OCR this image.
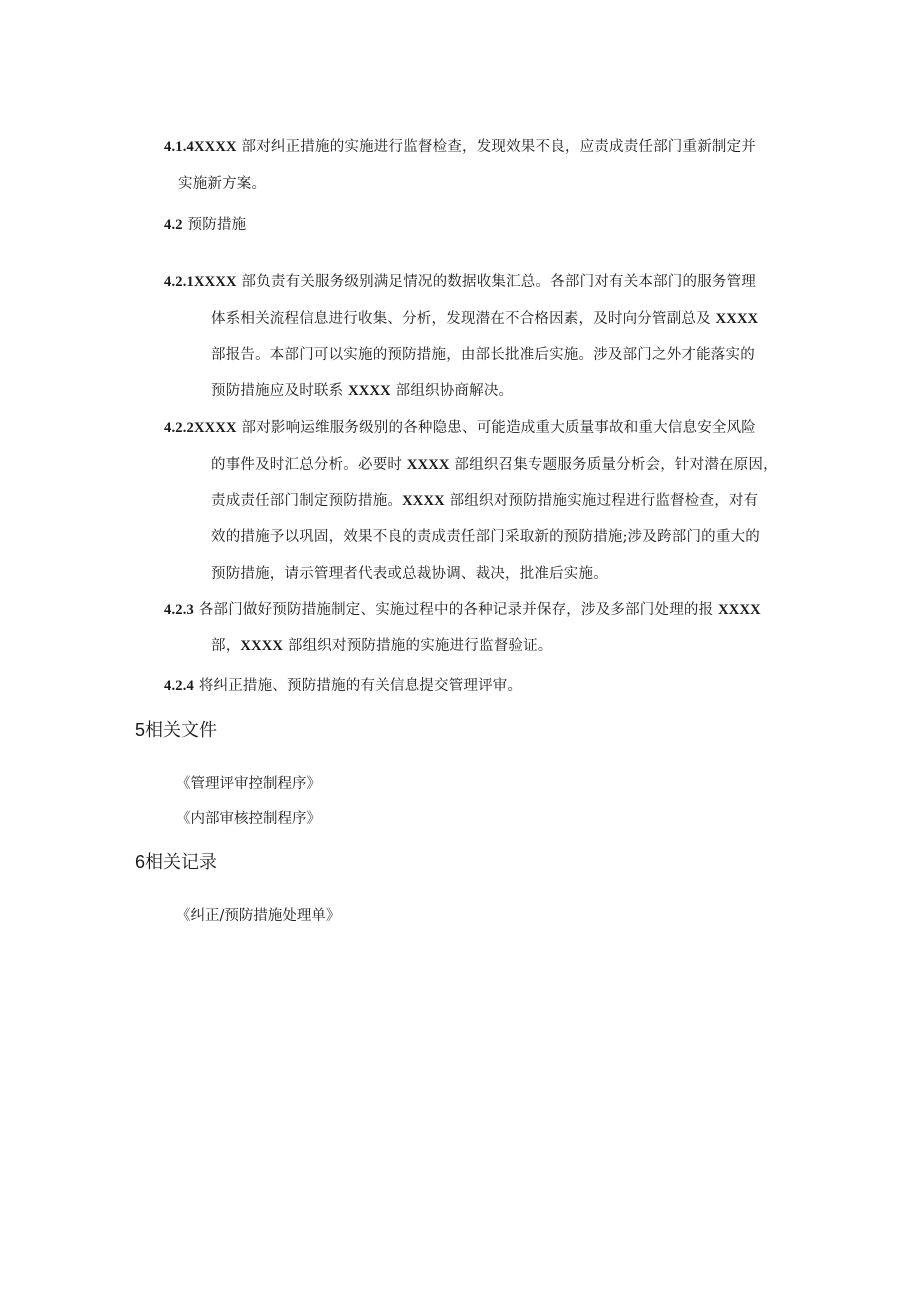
4.1.4XXXX 部对纠正措施的实施进行监督检查，发现效果不良，应责成责任部门重新制定并
实施新方案。
4.2 预防措施
4.2.1XXXX 部负责有关服务级别满足情况的数据收集汇总。各部门对有关本部门的服务管理
体系相关流程信息进行收集、分析，发现潜在不合格因素，及时向分管副总及 XXXX
部报告。本部门可以实施的预防措施，由部长批准后实施。涉及部门之外才能落实的
预防措施应及时联系 XXXX 部组织协商解决。
4.2.2XXXX 部对影响运维服务级别的各种隐患、可能造成重大质量事故和重大信息安全风险
的事件及时汇总分析。必要时 XXXX 部组织召集专题服务质量分析会，针对潜在原因，
责成责任部门制定预防措施。XXXX 部组织对预防措施实施过程进行监督检查，对有
效的措施予以巩固，效果不良的责成责任部门采取新的预防措施;涉及跨部门的重大的
预防措施，请示管理者代表或总裁协调、裁决，批准后实施。
4.2.3 各部门做好预防措施制定、实施过程中的各种记录并保存，涉及多部门处理的报 XXXX
部，XXXX 部组织对预防措施的实施进行监督验证。
4.2.4 将纠正措施、预防措施的有关信息提交管理评审。
5相关文件
《管理评审控制程序》
《内部审核控制程序》
6相关记录
《纠正/预防措施处理单》
